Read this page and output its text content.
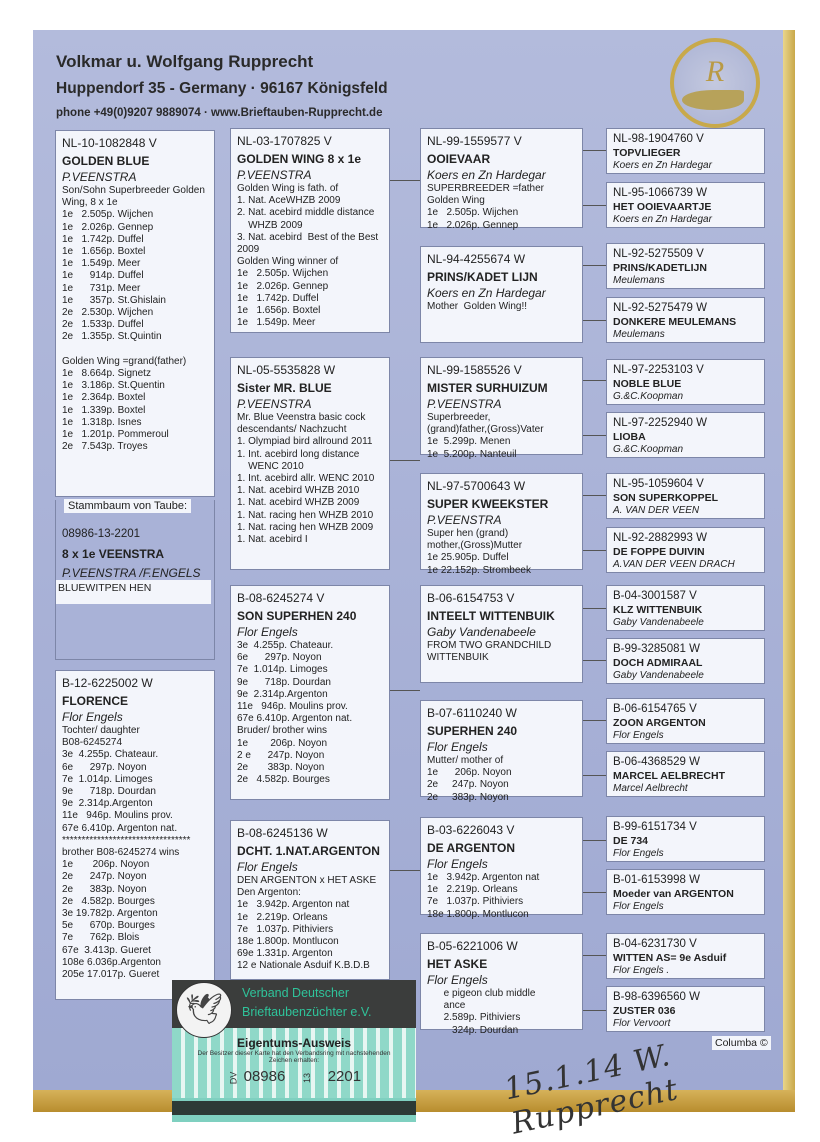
Volkmar u. Wolfgang Rupprecht
Huppendorf 35 - Germany · 96167 Königsfeld
phone +49(0)9207 9889074 · www.Brieftauben-Rupprecht.de
R
Stammbaum von Taube:
08986-13-2201
8 x 1e VEENSTRA
P.VEENSTRA /F.ENGELS
BLUEWITPEN HEN
NL-10-1082848 V
GOLDEN BLUE
P.VEENSTRA
Son/Sohn Superbreeder Golden
Wing, 8 x 1e
1e   2.505p. Wijchen
1e   2.026p. Gennep
1e   1.742p. Duffel
1e   1.656p. Boxtel
1e   1.549p. Meer
1e      914p. Duffel
1e      731p. Meer
1e      357p. St.Ghislain
2e   2.530p. Wijchen
2e   1.533p. Duffel
2e   1.355p. St.Quintin

Golden Wing =grand(father)
1e   8.664p. Signetz
1e   3.186p. St.Quentin
1e   2.364p. Boxtel
1e   1.339p. Boxtel
1e   1.318p. Isnes
1e   1.201p. Pommeroul
2e   7.543p. Troyes
B-12-6225002 W
FLORENCE
Flor Engels
Tochter/ daughter
B08-6245274
3e  4.255p. Chateaur.
6e      297p. Noyon
7e  1.014p. Limoges
9e      718p. Dourdan
9e  2.314p.Argenton
11e   946p. Moulins prov.
67e 6.410p. Argenton nat.
*********************************
brother B08-6245274 wins
1e       206p. Noyon
2e      247p. Noyon
2e      383p. Noyon
2e   4.582p. Bourges
3e 19.782p. Argenton
5e      670p. Bourges
7e      762p. Blois
67e  3.413p. Gueret
108e 6.036p.Argenton
205e 17.017p. Gueret
NL-03-1707825 V
GOLDEN WING 8 x 1e
P.VEENSTRA
Golden Wing is fath. of
1. Nat. AceWHZB 2009
2. Nat. acebird middle distance
WHZB 2009
3. Nat. acebird  Best of the Best
2009
Golden Wing winner of
1e   2.505p. Wijchen
1e   2.026p. Gennep
1e   1.742p. Duffel
1e   1.656p. Boxtel
1e   1.549p. Meer
NL-05-5535828 W
Sister MR. BLUE
P.VEENSTRA
Mr. Blue Veenstra basic cock
descendants/ Nachzucht
1. Olympiad bird allround 2011
1. Int. acebird long distance
WENC 2010
1. Int. acebird allr. WENC 2010
1. Nat. acebird WHZB 2010
1. Nat. acebird WHZB 2009
1. Nat. racing hen WHZB 2010
1. Nat. racing hen WHZB 2009
1. Nat. acebird I
B-08-6245274 V
SON SUPERHEN 240
Flor Engels
3e  4.255p. Chateaur.
6e      297p. Noyon
7e  1.014p. Limoges
9e      718p. Dourdan
9e  2.314p.Argenton
11e   946p. Moulins prov.
67e 6.410p. Argenton nat.
Bruder/ brother wins
1e        206p. Noyon
2 e      247p. Noyon
2e       383p. Noyon
2e   4.582p. Bourges
B-08-6245136 W
DCHT. 1.NAT.ARGENTON
Flor Engels
DEN ARGENTON x HET ASKE
Den Argenton:
1e   3.942p. Argenton nat
1e   2.219p. Orleans
7e   1.037p. Pithiviers
18e 1.800p. Montlucon
69e 1.331p. Argenton
12 e Nationale Asduif K.B.D.B
NL-99-1559577 V
OOIEVAAR
Koers en Zn Hardegar
SUPERBREEDER =father
Golden Wing
1e   2.505p. Wijchen
1e   2.026p. Gennep
NL-94-4255674 W
PRINS/KADET LIJN
Koers en Zn Hardegar
Mother  Golden Wing!!
NL-99-1585526 V
MISTER SURHUIZUM
P.VEENSTRA
Superbreeder,
(grand)father,(Gross)Vater
1e  5.299p. Menen
1e  5.200p. Nanteuil
NL-97-5700643 W
SUPER KWEEKSTER
P.VEENSTRA
Super hen (grand)
mother,(Gross)Mutter
1e 25.905p. Duffel
1e 22.152p. Strombeek
B-06-6154753 V
INTEELT WITTENBUIK
Gaby Vandenabeele
FROM TWO GRANDCHILD
WITTENBUIK
B-07-6110240 W
SUPERHEN 240
Flor Engels
Mutter/ mother of
1e      206p. Noyon
2e     247p. Noyon
2e     383p. Noyon
B-03-6226043 V
DE ARGENTON
Flor Engels
1e   3.942p. Argenton nat
1e   2.219p. Orleans
7e   1.037p. Pithiviers
18e 1.800p. Montlucon
B-05-6221006 W
HET ASKE
Flor Engels
e pigeon club middle
ance
2.589p. Pithiviers
324p. Dourdan
NL-98-1904760 V
TOPVLIEGER
Koers en Zn Hardegar
NL-95-1066739 W
HET OOIEVAARTJE
Koers en Zn Hardegar
NL-92-5275509 V
PRINS/KADETLIJN
Meulemans
NL-92-5275479 W
DONKERE MEULEMANS
Meulemans
NL-97-2253103 V
NOBLE BLUE
G.&C.Koopman
NL-97-2252940 W
LIOBA
G.&C.Koopman
NL-95-1059604 V
SON SUPERKOPPEL
A. VAN DER VEEN
NL-92-2882993 W
DE FOPPE DUIVIN
A.VAN DER VEEN DRACH
B-04-3001587 V
KLZ WITTENBUIK
Gaby Vandenabeele
B-99-3285081 W
DOCH ADMIRAAL
Gaby Vandenabeele
B-06-6154765 V
ZOON ARGENTON
Flor Engels
B-06-4368529 W
MARCEL AELBRECHT
Marcel Aelbrecht
B-99-6151734 V
DE 734
Flor Engels
B-01-6153998 W
Moeder van ARGENTON
Flor Engels
B-04-6231730 V
WITTEN AS= 9e Asduif
Flor Engels .
B-98-6396560 W
ZUSTER 036
Flor Vervoort
Columba ©
15.1.14 W. Rupprecht
🕊	Verband Deutscher
Brieftaubenzüchter e.V.
Eigentums-Ausweis
Der Besitzer dieser Karte hat den Verbandsring mit nachstehenden Zeichen erhalten:
DV 08986 13 2201
